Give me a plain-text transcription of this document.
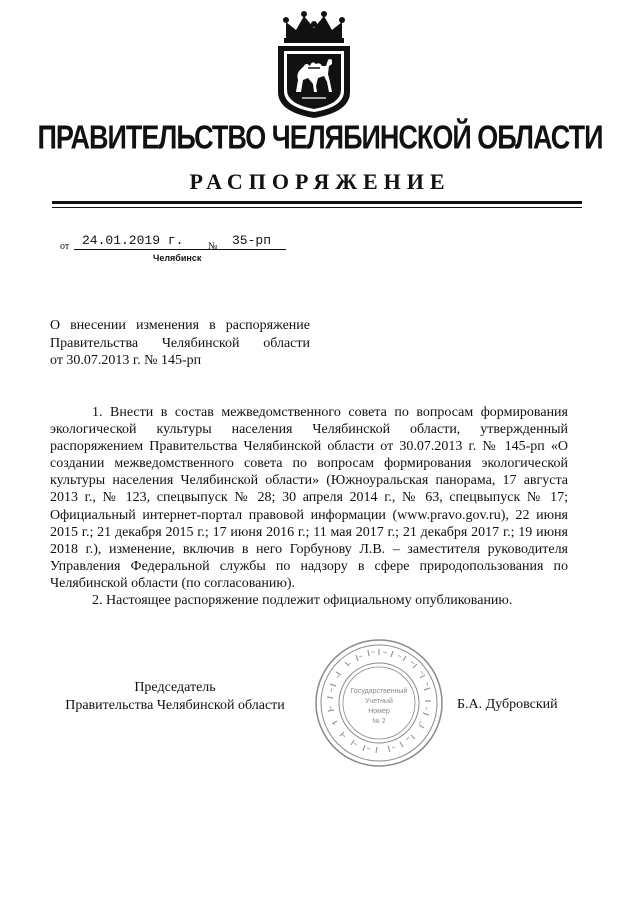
ПРАВИТЕЛЬСТВО ЧЕЛЯБИНСКОЙ ОБЛАСТИ
РАСПОРЯЖЕНИЕ
от 24.01.2019 г. № 35-рп
Челябинск
О внесении изменения в распоряжение
Правительства Челябинской области
от 30.07.2013 г. № 145-рп

1. Внести в состав межведомственного совета по вопросам формирования экологической культуры населения Челябинской области, утвержденный распоряжением Правительства Челябинской области от 30.07.2013 г. № 145-рп «О создании межведомственного совета по вопросам формирования экологической культуры населения Челябинской области» (Южноуральская панорама, 17 августа 2013 г., № 123, спецвыпуск № 28; 30 апреля 2014 г., № 63, спецвыпуск № 17; Официальный интернет-портал правовой информации (www.pravo.gov.ru), 22 июня 2015 г.; 21 декабря 2015 г.; 17 июня 2016 г.; 11 мая 2017 г.; 21 декабря 2017 г.; 19 июня 2018 г.), изменение, включив в него Горбунову Л.В. – заместителя руководителя Управления Федеральной службы по надзору в сфере природопользования по Челябинской области (по согласованию).

2. Настоящее распоряжение подлежит официальному опубликованию.

Председатель
Правительства Челябинской области	Б.А. Дубровский
Государственный
Учетный
Номер
№ 2
